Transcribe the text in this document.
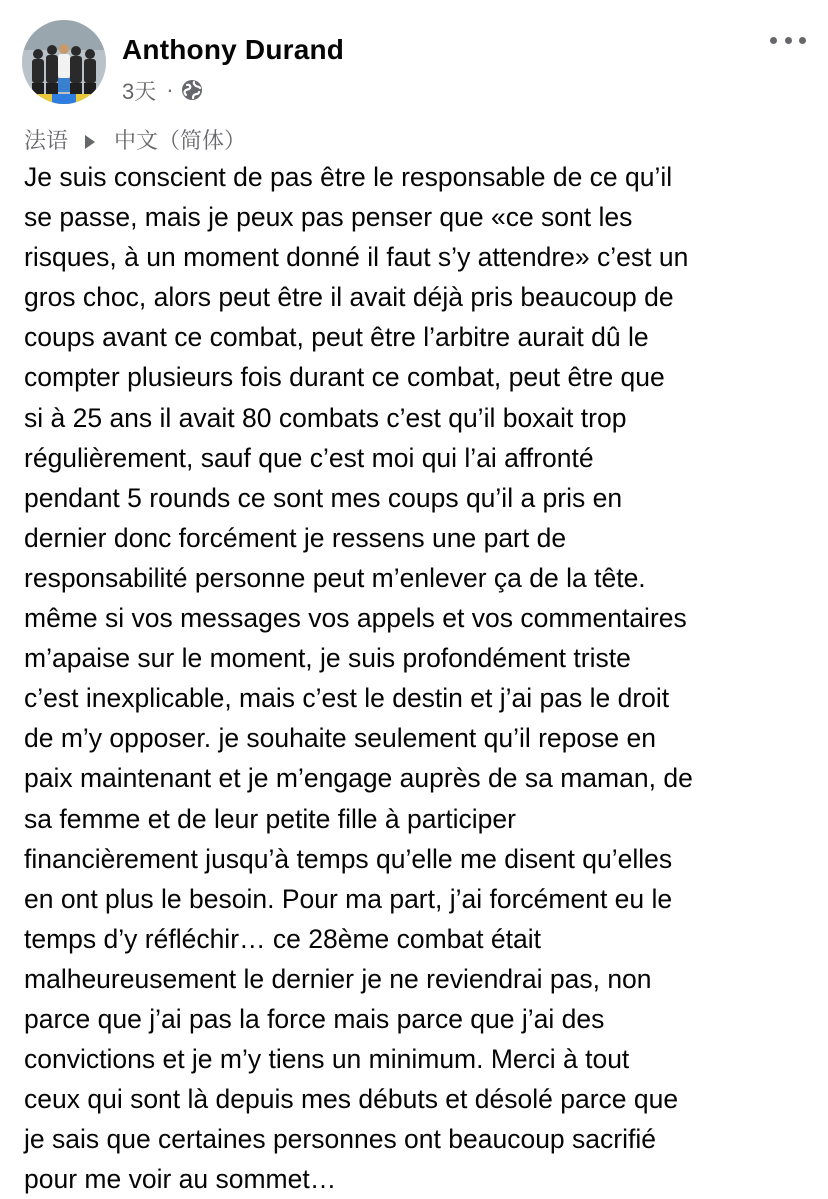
Anthony Durand
3天 ·
法语 中文（简体）
Je suis conscient de pas être le responsable de ce qu’il
se passe, mais je peux pas penser que «ce sont les
risques, à un moment donné il faut s’y attendre» c’est un
gros choc, alors peut être il avait déjà pris beaucoup de
coups avant ce combat, peut être l’arbitre aurait dû le
compter plusieurs fois durant ce combat, peut être que
si à 25 ans il avait 80 combats c’est qu’il boxait trop
régulièrement, sauf que c’est moi qui l’ai affronté
pendant 5 rounds ce sont mes coups qu’il a pris en
dernier donc forcément je ressens une part de
responsabilité personne peut m’enlever ça de la tête.
même si vos messages vos appels et vos commentaires
m’apaise sur le moment, je suis profondément triste
c’est inexplicable, mais c’est le destin et j’ai pas le droit
de m’y opposer. je souhaite seulement qu’il repose en
paix maintenant et je m’engage auprès de sa maman, de
sa femme et de leur petite fille à participer
financièrement jusqu’à temps qu’elle me disent qu’elles
en ont plus le besoin. Pour ma part, j’ai forcément eu le
temps d’y réfléchir… ce 28ème combat était
malheureusement le dernier je ne reviendrai pas, non
parce que j’ai pas la force mais parce que j’ai des
convictions et je m’y tiens un minimum. Merci à tout
ceux qui sont là depuis mes débuts et désolé parce que
je sais que certaines personnes ont beaucoup sacrifié
pour me voir au sommet…
